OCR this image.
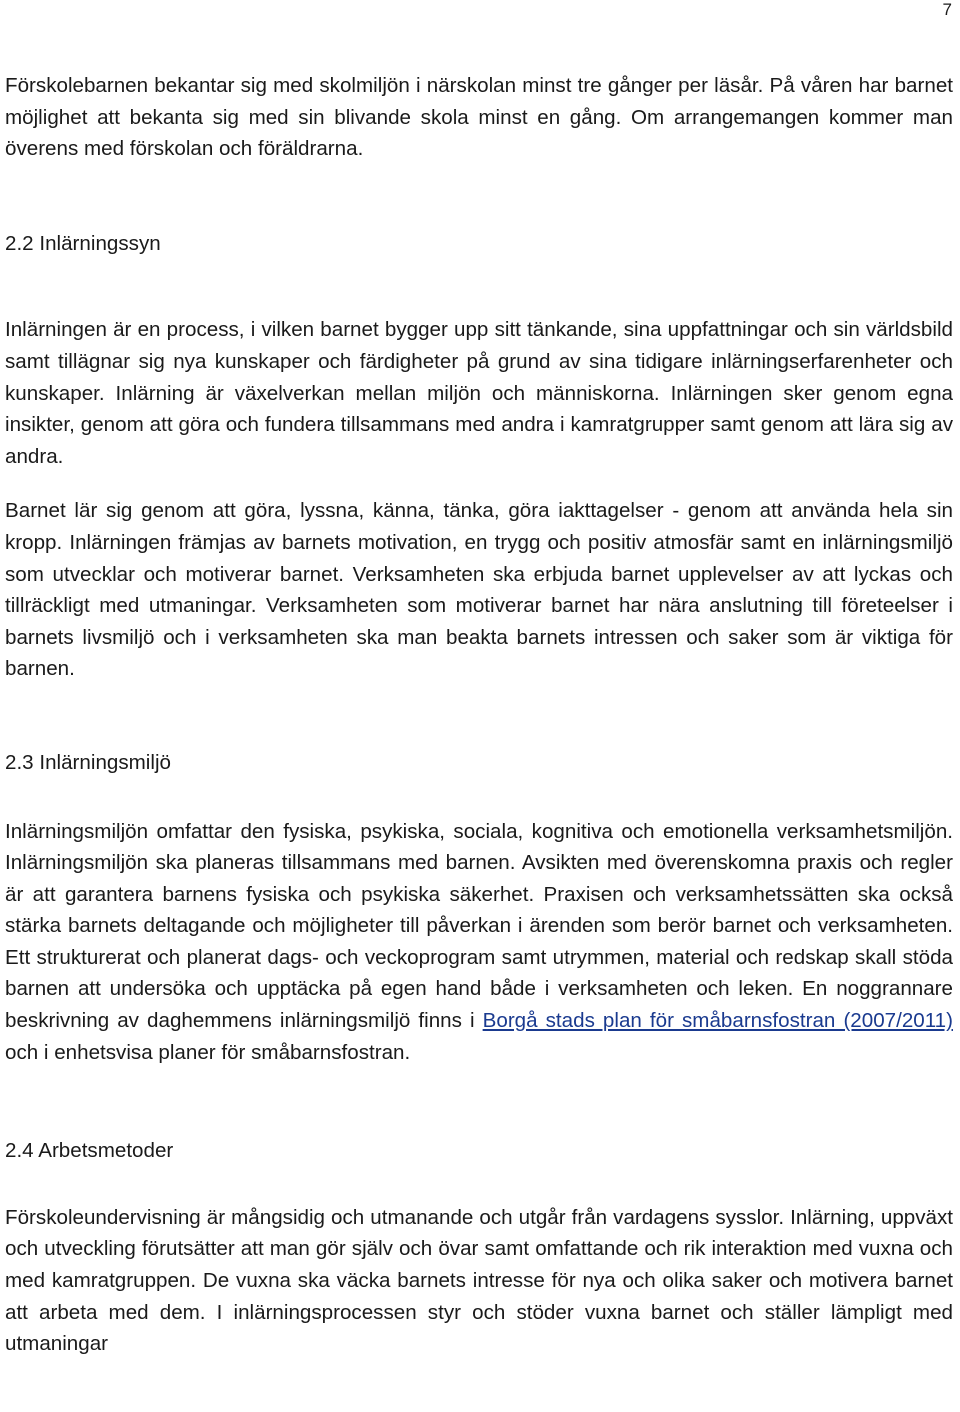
7

Förskolebarnen bekantar sig med skolmiljön i närskolan minst tre gånger per läsår. På våren har barnet möjlighet att bekanta sig med sin blivande skola minst en gång. Om arrangemangen kommer man överens med förskolan och föräldrarna.

2.2 Inlärningssyn

Inlärningen är en process, i vilken barnet bygger upp sitt tänkande, sina uppfattningar och sin världsbild samt tillägnar sig nya kunskaper och färdigheter på grund av sina tidigare inlärningserfarenheter och kunskaper. Inlärning är växelverkan mellan miljön och människorna. Inlärningen sker genom egna insikter, genom att göra och fundera tillsammans med andra i kamratgrupper samt genom att lära sig av andra.

Barnet lär sig genom att göra, lyssna, känna, tänka, göra iakttagelser - genom att använda hela sin kropp. Inlärningen främjas av barnets motivation, en trygg och positiv atmosfär samt en inlärningsmiljö som utvecklar och motiverar barnet. Verksamheten ska erbjuda barnet upplevelser av att lyckas och tillräckligt med utmaningar. Verksamheten som motiverar barnet har nära anslutning till företeelser i barnets livsmiljö och i verksamheten ska man beakta barnets intressen och saker som är viktiga för barnen.

2.3 Inlärningsmiljö

Inlärningsmiljön omfattar den fysiska, psykiska, sociala, kognitiva och emotionella verksamhetsmiljön. Inlärningsmiljön ska planeras tillsammans med barnen. Avsikten med överenskomna praxis och regler är att garantera barnens fysiska och psykiska säkerhet. Praxisen och verksamhetssätten ska också stärka barnets deltagande och möjligheter till påverkan i ärenden som berör barnet och verksamheten. Ett strukturerat och planerat dags- och veckoprogram samt utrymmen, material och redskap skall stöda barnen att undersöka och upptäcka på egen hand både i verksamheten och leken. En noggrannare beskrivning av daghemmens inlärningsmiljö finns i Borgå stads plan för småbarnsfostran (2007/2011) och i enhetsvisa planer för småbarnsfostran.

2.4 Arbetsmetoder

Förskoleundervisning är mångsidig och utmanande och utgår från vardagens sysslor. Inlärning, uppväxt och utveckling förutsätter att man gör själv och övar samt omfattande och rik interaktion med vuxna och med kamratgruppen. De vuxna ska väcka barnets intresse för nya och olika saker och motivera barnet att arbeta med dem. I inlärningsprocessen styr och stöder vuxna barnet och ställer lämpligt med utmaningar
